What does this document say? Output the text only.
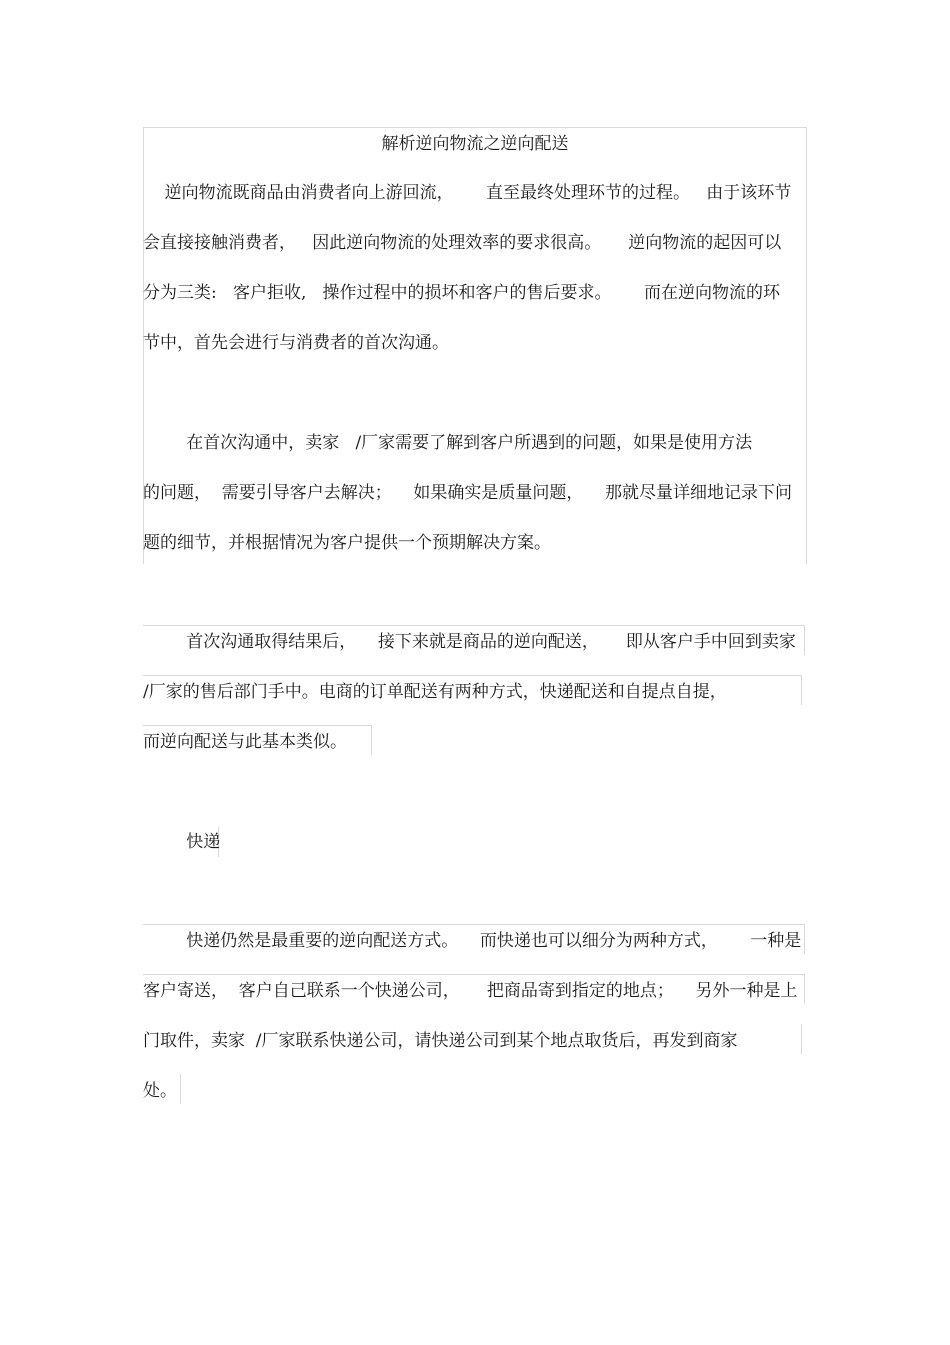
解析逆向物流之逆向配送
逆向物流既商品由消费者向上游回流，      直至最终处理环节的过程。   由于该环节
会直接接触消费者，   因此逆向物流的处理效率的要求很高。     逆向物流的起因可以
分为三类:   客户拒收,   操作过程中的损坏和客户的售后要求。      而在逆向物流的环
节中，首先会进行与消费者的首次沟通。
在首次沟通中，卖家   /厂家需要了解到客户所遇到的问题，如果是使用方法
的问题，  需要引导客户去解决；    如果确实是质量问题，    那就尽量详细地记录下问
题的细节，并根据情况为客户提供一个预期解决方案。
首次沟通取得结果后，    接下来就是商品的逆向配送，     即从客户手中回到卖家
/厂家的售后部门手中。电商的订单配送有两种方式，快递配送和自提点自提，
而逆向配送与此基本类似。
快递
快递仍然是最重要的逆向配送方式。    而快递也可以细分为两种方式，      一种是
客户寄送，  客户自己联系一个快递公司，     把商品寄到指定的地点；    另外一种是上
门取件，卖家  /厂家联系快递公司，请快递公司到某个地点取货后，再发到商家
处。
